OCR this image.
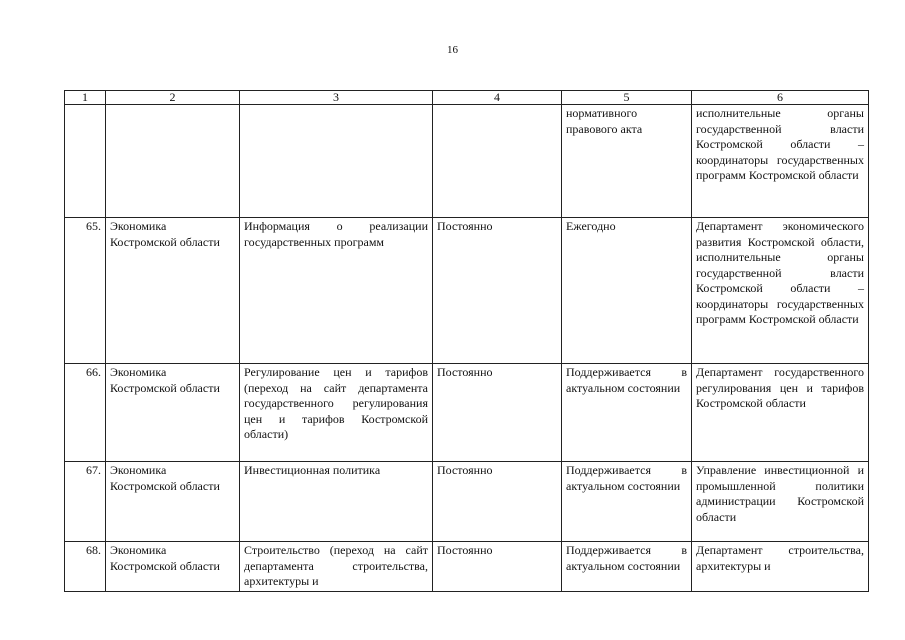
16
1	2	3	4	5	6
				нормативного правового акта	исполнительные органы государственной власти Костромской области – координаторы государственных программ Костромской области
65.	Экономика Костромской области	Информация о реализации государственных программ	Постоянно	Ежегодно	Департамент экономического развития Костромской области, исполнительные органы государственной власти Костромской области – координаторы государственных программ Костромской области
66.	Экономика Костромской области	Регулирование цен и тарифов (переход на сайт департамента государственного регулирования цен и тарифов Костромской области)	Постоянно	Поддерживается в актуальном состоянии	Департамент государственного регулирования цен и тарифов Костромской области
67.	Экономика Костромской области	Инвестиционная политика	Постоянно	Поддерживается в актуальном состоянии	Управление инвестиционной и промышленной политики администрации Костромской области
68.	Экономика Костромской области	Строительство (переход на сайт департамента строительства, архитектуры и	Постоянно	Поддерживается в актуальном состоянии	Департамент строительства, архитектуры и
